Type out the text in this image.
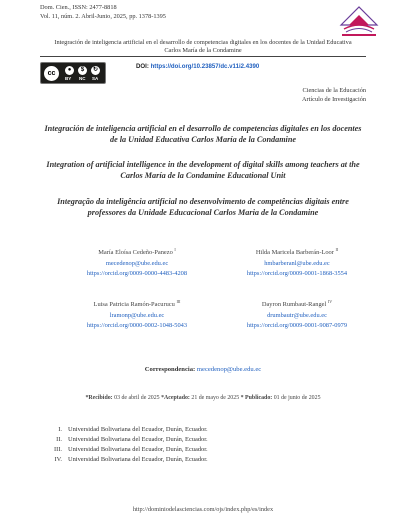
Dom. Cien., ISSN: 2477-8818
Vol. 11, núm. 2. Abril-Junio, 2025, pp. 1378-1395
Integración de inteligencia artificial en el desarrollo de competencias digitales en los docentes de la Unidad Educativa Carlos María de la Condamine
cc	●	$	↻
BY NC SA
DOI: https://doi.org/10.23857/dc.v11i2.4390
Ciencias de la Educación
Artículo de Investigación
Integración de inteligencia artificial en el desarrollo de competencias digitales en los docentes de la Unidad Educativa Carlos María de la Condamine
Integration of artificial intelligence in the development of digital skills among teachers at the Carlos María de la Condamine Educational Unit
Integração da inteligência artificial no desenvolvimento de competências digitais entre professores da Unidade Educacional Carlos Maria de la Condamine
María Eloísa Cedeño-Panezo $^I$
mecedenop@ube.edu.ec
https://orcid.org/0009-0000-4483-4208
Hilda Maricela Barberán-Loor $^{II}$
hmbarberanl@ube.edu.ec
https://orcid.org/0009-0001-1868-3554
Luisa Patricia Ramón-Pacurucu $^{III}$
lramonp@ube.edu.ec
https://orcid.org/0000-0002-1048-5043
Dayron Rumbaut-Rangel $^{IV}$
drumbautr@ube.edu.ec
https://orcid.org/0009-0001-9087-0979
Correspondencia: mecedenop@ube.edu.ec
*Recibido: 03 de abril de 2025 *Aceptado: 21 de mayo de 2025 * Publicado: 01 de junio de 2025
I. Universidad Bolivariana del Ecuador, Durán, Ecuador.
II. Universidad Bolivariana del Ecuador, Durán, Ecuador.
III. Universidad Bolivariana del Ecuador, Durán, Ecuador.
IV. Universidad Bolivariana del Ecuador, Durán, Ecuador.
http://dominiodelasciencias.com/ojs/index.php/es/index
